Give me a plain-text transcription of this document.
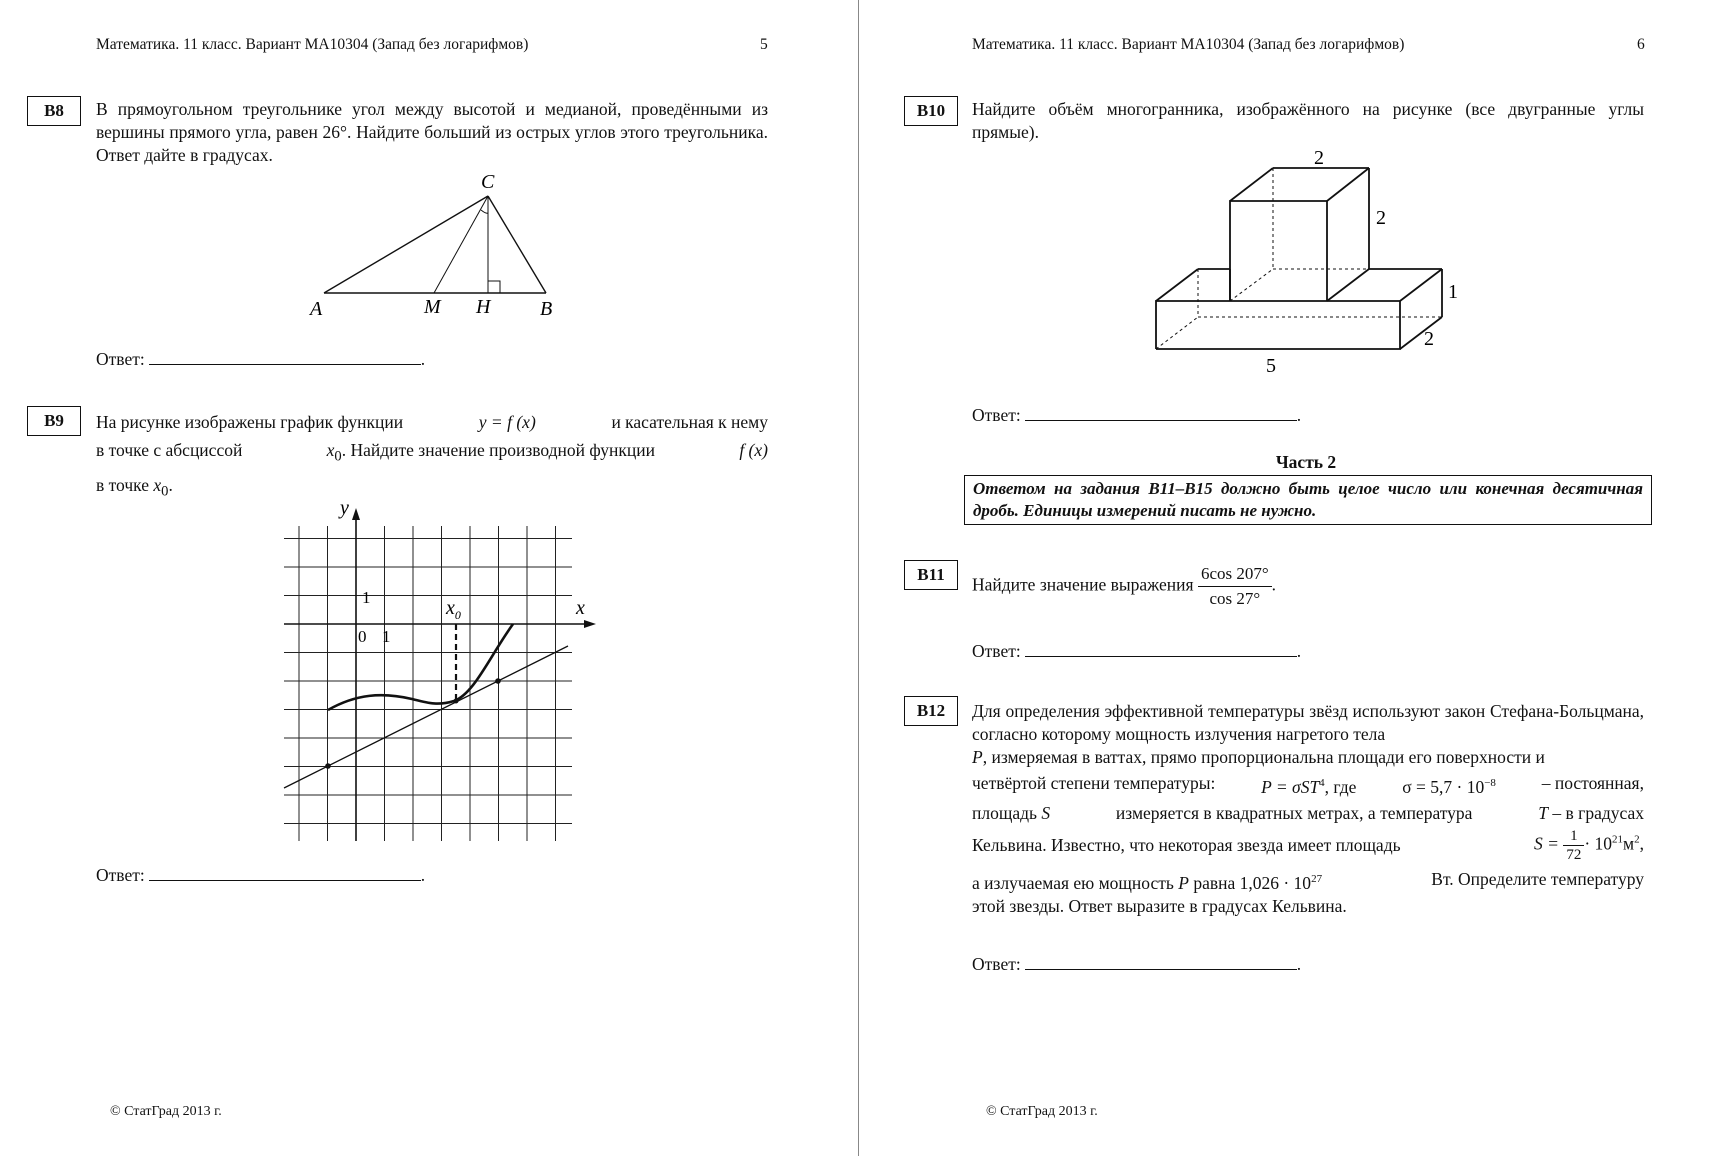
Математика. 11 класс. Вариант МА10304 (Запад без логарифмов)	5
B8	В прямоугольном треугольнике угол между высотой и медианой, проведёнными из вершины прямого угла, равен 26°. Найдите больший из острых углов этого треугольника. Ответ дайте в градусах.
C
A	M H B
Ответ:	.
B9	На рисунке изображены график функции	y = f (x)	и касательная к нему
в точке с абсциссой	$x_0$. Найдите значение производной функции	f (x)
в точке $x_0$.
y
x
1
0 1
$x_0$
Ответ:	.
© СтатГрад 2013 г.
Математика. 11 класс. Вариант МА10304 (Запад без логарифмов)	6
B10	Найдите объём многогранника, изображённого на рисунке (все двугранные углы прямые).
2
2
1
2
5
Ответ:	.
Часть 2
Ответом на задания B11–B15 должно быть целое число или конечная десятичная дробь. Единицы измерений писать не нужно.
B11
Найдите значение выражения $\frac{6\cos 207^\circ}{\cos 27^\circ}$ .
Ответ:	.
B12	Для определения эффективной температуры звёзд используют закон Стефана-Больцмана, согласно которому мощность излучения нагретого тела
P, измеряемая в ваттах, прямо пропорциональна площади его поверхности и
четвёртой степени температуры:	P = σST$^4$, где	$\sigma = 5,7 \cdot 10^{-8}$	– постоянная,
площадь S	измеряется в квадратных метрах, а температура	T – в градусах
Кельвина. Известно, что некоторая звезда имеет площадь	$S = \frac{1}{72} \cdot 10^{21}м^2$,
а излучаемая ею мощность P равна $1,026 \cdot 10^{27}$	Вт. Определите температуру
этой звезды. Ответ выразите в градусах Кельвина.
Ответ:	.
© СтатГрад 2013 г.
